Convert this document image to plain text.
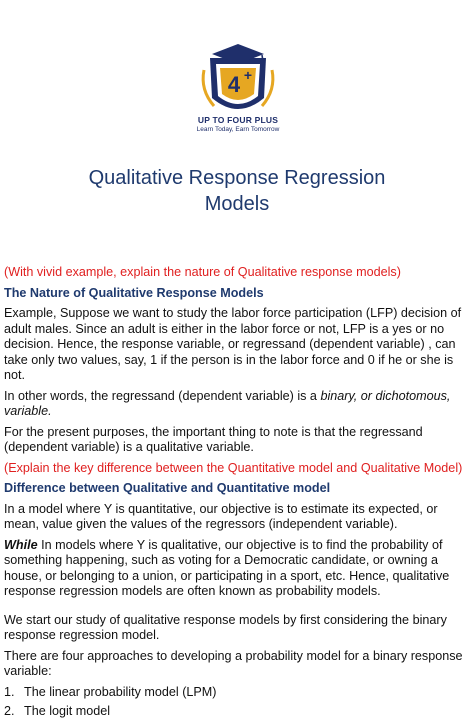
4 +
UP TO FOUR PLUS
Learn Today, Earn Tomorrow
Qualitative Response Regression
Models

(With vivid example, explain the nature of Qualitative response models)

The Nature of Qualitative Response Models

Example, Suppose we want to study the labor force participation (LFP) decision of adult males. Since an adult is either in the labor force or not, LFP is a yes or no decision. Hence, the response variable, or regressand (dependent variable) , can take only two values, say, 1 if the person is in the labor force and 0 if he or she is not.

In other words, the regressand (dependent variable) is a binary, or dichotomous, variable.

For the present purposes, the important thing to note is that the regressand (dependent variable) is a qualitative variable.

(Explain the key difference between the Quantitative model and Qualitative Model)

Difference between Qualitative and Quantitative model

In a model where Y is quantitative, our objective is to estimate its expected, or mean, value given the values of the regressors (independent variable).

While In models where Y is qualitative, our objective is to find the probability of something happening, such as voting for a Democratic candidate, or owning a house, or belonging to a union, or participating in a sport, etc. Hence, qualitative response regression models are often known as probability models.

We start our study of qualitative response models by first considering the binary response regression model.

There are four approaches to developing a probability model for a binary response variable:

1. The linear probability model (LPM)
2. The logit model
